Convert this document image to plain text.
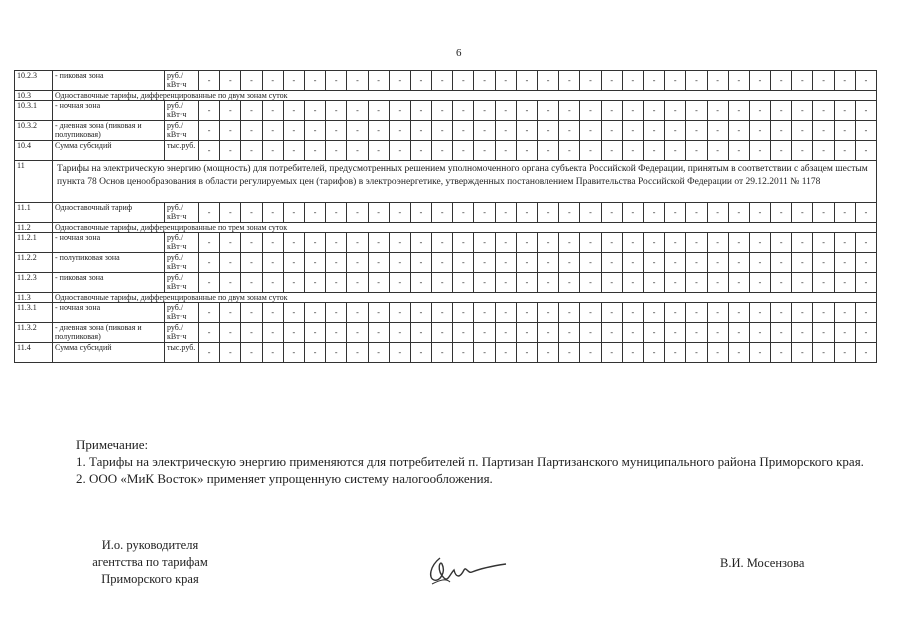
6
10.2.3	- пиковая зона	руб./кВт·ч	-	-	-	-	-	-	-	-	-	-	-	-	-	-	-	-	-	-	-	-	-	-	-	-	-	-	-	-	-	-	-	-
10.3	Одноставочные тарифы, дифференцированные по двум зонам суток																																	
10.3.1	- ночная зона	руб./кВт·ч	-	-	-	-	-	-	-	-	-	-	-	-	-	-	-	-	-	-	-	-	-	-	-	-	-	-	-	-	-	-	-	-
10.3.2	- дневная зона (пиковая и полупиковая)	руб./кВт·ч	-	-	-	-	-	-	-	-	-	-	-	-	-	-	-	-	-	-	-	-	-	-	-	-	-	-	-	-	-	-	-	-
10.4	Сумма субсидий	тыс.руб.	-	-	-	-	-	-	-	-	-	-	-	-	-	-	-	-	-	-	-	-	-	-	-	-	-	-	-	-	-	-	-	-
11	Тарифы на электрическую энергию (мощность) для потребителей, предусмотренных решением уполномоченного органа субъекта Российской Федерации, принятым в соответствии с абзацем шестым пункта 78 Основ ценообразования в области регулируемых цен (тарифов) в электроэнергетике, утвержденных постановлением Правительства Российской Федерации от 29.12.2011 № 1178																																	
11.1	Одноставочный тариф	руб./кВт·ч	-	-	-	-	-	-	-	-	-	-	-	-	-	-	-	-	-	-	-	-	-	-	-	-	-	-	-	-	-	-	-	-
11.2	Одноставочные тарифы, дифференцированные по трем зонам суток																																	
11.2.1	- ночная зона	руб./кВт·ч	-	-	-	-	-	-	-	-	-	-	-	-	-	-	-	-	-	-	-	-	-	-	-	-	-	-	-	-	-	-	-	-
11.2.2	- полупиковая зона	руб./кВт·ч	-	-	-	-	-	-	-	-	-	-	-	-	-	-	-	-	-	-	-	-	-	-	-	-	-	-	-	-	-	-	-	-
11.2.3	- пиковая зона	руб./кВт·ч	-	-	-	-	-	-	-	-	-	-	-	-	-	-	-	-	-	-	-	-	-	-	-	-	-	-	-	-	-	-	-	-
11.3	Одноставочные тарифы, дифференцированные по двум зонам суток																																	
11.3.1	- ночная зона	руб./кВт·ч	-	-	-	-	-	-	-	-	-	-	-	-	-	-	-	-	-	-	-	-	-	-	-	-	-	-	-	-	-	-	-	-
11.3.2	- дневная зона (пиковая и полупиковая)	руб./кВт·ч	-	-	-	-	-	-	-	-	-	-	-	-	-	-	-	-	-	-	-	-	-	-	-	-	-	-	-	-	-	-	-	-
11.4	Сумма субсидий	тыс.руб.	-	-	-	-	-	-	-	-	-	-	-	-	-	-	-	-	-	-	-	-	-	-	-	-	-	-	-	-	-	-	-	-

Примечание:

1. Тарифы на электрическую энергию применяются для потребителей п. Партизан Партизанского муниципального района Приморского края.

2. ООО «МиК Восток» применяет упрощенную систему налогообложения.

И.о. руководителя
агентства по тарифам
Приморского края
В.И. Мосензова
